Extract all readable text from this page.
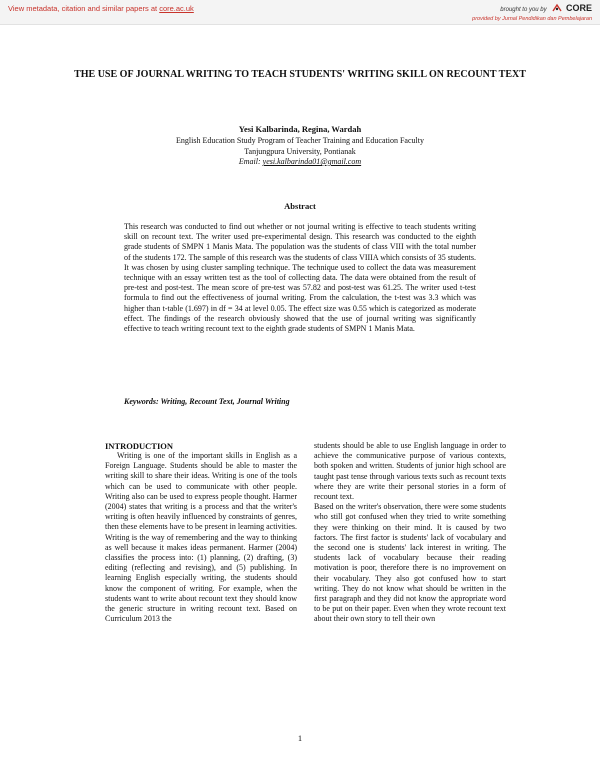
View metadata, citation and similar papers at core.ac.uk	brought to you by CORE
provided by Jurnal Pendidikan dan Pembelajaran
THE USE OF JOURNAL WRITING TO TEACH STUDENTS' WRITING SKILL ON RECOUNT TEXT
Yesi Kalbarinda, Regina, Wardah
English Education Study Program of Teacher Training and Education Faculty
Tanjungpura University, Pontianak
Email: yesi.kalbarinda01@gmail.com
Abstract
This research was conducted to find out whether or not journal writing is effective to teach students writing skill on recount text. The writer used pre-experimental design. This research was conducted to the eighth grade students of SMPN 1 Manis Mata. The population was the students of class VIII with the total number of the students 172. The sample of this research was the students of class VIIIA which consists of 35 students. It was chosen by using cluster sampling technique. The technique used to collect the data was measurement technique with an essay written test as the tool of collecting data. The data were obtained from the result of pre-test and post-test. The mean score of pre-test was 57.82 and post-test was 61.25. The writer used t-test formula to find out the effectiveness of journal writing. From the calculation, the t-test was 3.3 which was higher than t-table (1.697) in df = 34 at level 0.05. The effect size was 0.55 which is categorized as moderate effect. The findings of the research obviously showed that the use of journal writing was significantly effective to teach writing recount text to the eighth grade students of SMPN 1 Manis Mata.
Keywords: Writing, Recount Text, Journal Writing

INTRODUCTION

Writing is one of the important skills in English as a Foreign Language. Students should be able to master the writing skill to share their ideas. Writing is one of the tools which can be used to communicate with other people. Writing also can be used to express people thought. Harmer (2004) states that writing is a process and that the writer's writing is often heavily influenced by constraints of genres, then these elements have to be present in learning activities. Writing is the way of remembering and the way to thinking as well because it makes ideas permanent. Harmer (2004) classifies the process into: (1) planning, (2) drafting, (3) editing (reflecting and revising), and (5) publishing. In learning English especially writing, the students should know the component of writing. For example, when the students want to write about recount text they should know the generic structure in writing recount text. Based on Curriculum 2013 the

students should be able to use English language in order to achieve the communicative purpose of various contexts, both spoken and written. Students of junior high school are taught past tense through various texts such as recount texts where they are write their personal stories in a form of recount text.

Based on the writer's observation, there were some students who still got confused when they tried to write something they were thinking on their mind. It is caused by two factors. The first factor is students' lack of vocabulary and the second one is students' lack interest in writing. The students lack of vocabulary because their reading motivation is poor, therefore there is no improvement on their vocabulary. They also got confused how to start writing. They do not know what should be written in the first paragraph and they did not know the appropriate word to be put on their paper. Even when they wrote recount text about their own story to tell their own

1
